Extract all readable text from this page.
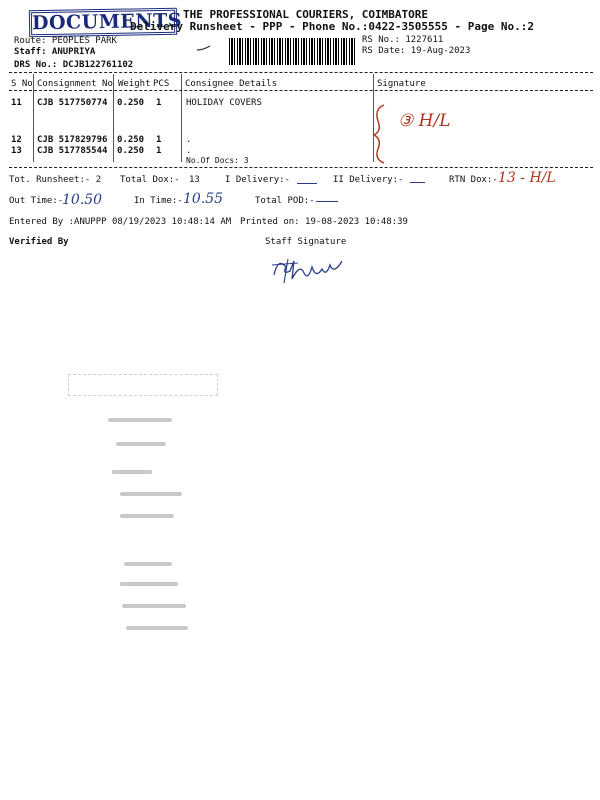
DOCUMENTS THE PROFESSIONAL COURIERS, COIMBATORE
Delivery Runsheet - PPP - Phone No.:0422-3505555 - Page No.:2
Route: PEOPLES PARK
Staff: ANUPRIYA
DRS No.: DCJB122761102
RS No.: 1227611
RS Date: 19-Aug-2023
S No Consignment No Weight PCS Consignee Details	Signature
11 CJB 517750774 0.250 1	HOLIDAY COVERS
12 CJB 517829796 0.250 1	.
13 CJB 517785544 0.250 1	.
No.Of Docs: 3
③ H/L
Tot. Runsheet:- 2 Total Dox:- 13	I Delivery:-	II Delivery:-	RTN Dox:- 13 - H/L
Out Time:-
10.50	In Time:- 10.55	Total POD:-
Entered By :ANUPPP 08/19/2023 10:48:14 AM Printed on: 19-08-2023 10:48:39
Verified By	Staff Signature
